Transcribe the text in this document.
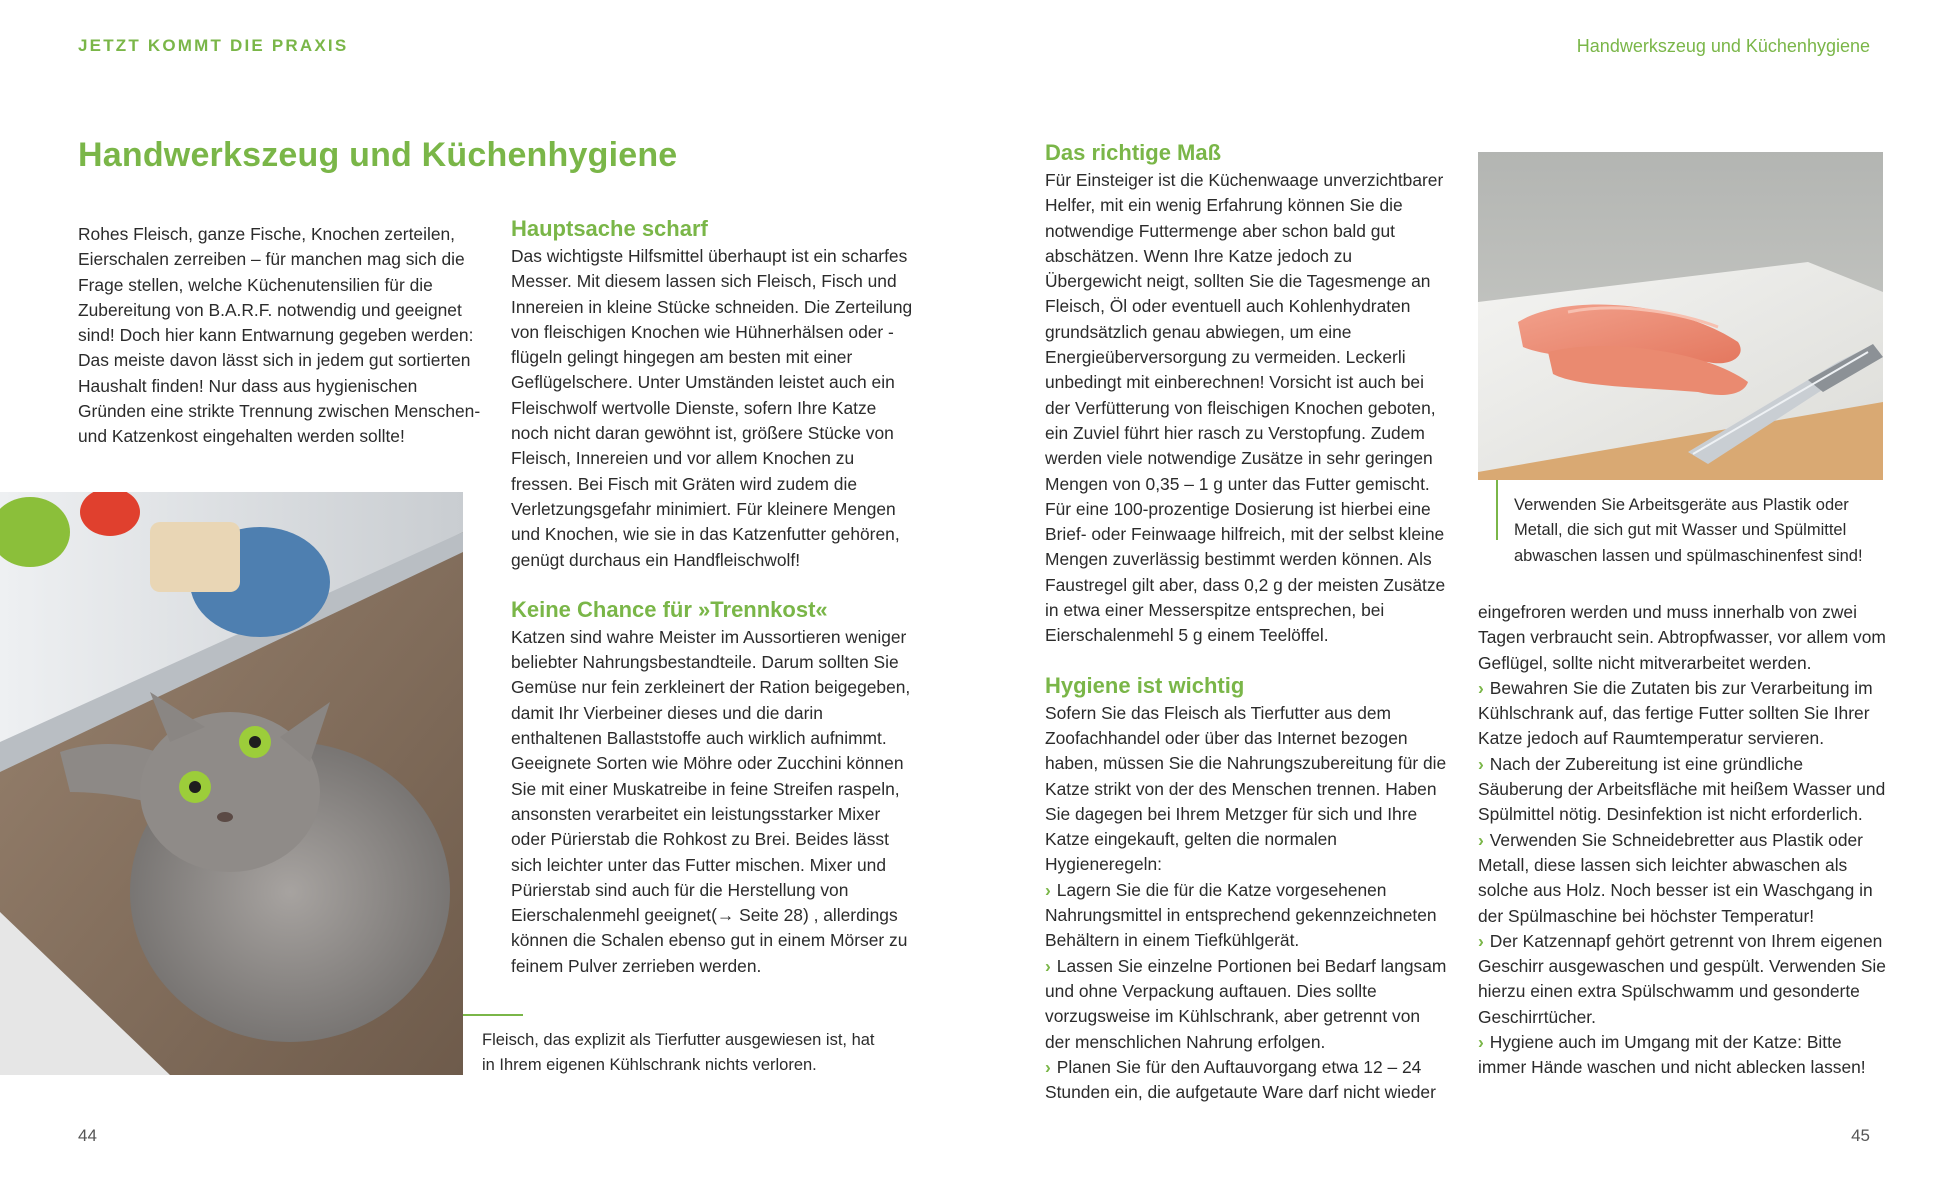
JETZT KOMMT DIE PRAXIS	Handwerkszeug und Küchenhygiene
Handwerkszeug und Küchenhygiene

Rohes Fleisch, ganze Fische, Knochen zerteilen, Eierschalen zerreiben – für manchen mag sich die Frage stellen, welche Küchenutensilien für die Zubereitung von B.A.R.F. notwendig und geeignet sind! Doch hier kann Entwarnung gegeben werden: Das meiste davon lässt sich in jedem gut sortierten Haushalt finden! Nur dass aus hygienischen Gründen eine strikte Trennung zwischen Menschen- und Katzenkost eingehalten werden sollte!

Fleisch, das explizit als Tierfutter ausgewiesen ist, hat in Ihrem eigenen Kühlschrank nichts verloren.
Hauptsache scharf

Das wichtigste Hilfsmittel überhaupt ist ein scharfes Messer. Mit diesem lassen sich Fleisch, Fisch und Innereien in kleine Stücke schneiden. Die Zerteilung von fleischigen Knochen wie Hühnerhälsen oder -flügeln gelingt hingegen am besten mit einer Geflügelschere. Unter Umständen leistet auch ein Fleischwolf wertvolle Dienste, sofern Ihre Katze noch nicht daran gewöhnt ist, größere Stücke von Fleisch, Innereien und vor allem Knochen zu fressen. Bei Fisch mit Gräten wird zudem die Verletzungsgefahr minimiert. Für kleinere Mengen und Knochen, wie sie in das Katzenfutter gehören, genügt durchaus ein Handfleischwolf!

Keine Chance für »Trennkost«

Katzen sind wahre Meister im Aussortieren weniger beliebter Nahrungsbestandteile. Darum sollten Sie Gemüse nur fein zerkleinert der Ration beigegeben, damit Ihr Vierbeiner dieses und die darin enthaltenen Ballaststoffe auch wirklich aufnimmt. Geeignete Sorten wie Möhre oder Zucchini können Sie mit einer Muskatreibe in feine Streifen raspeln, ansonsten verarbeitet ein leistungsstarker Mixer oder Pürierstab die Rohkost zu Brei. Beides lässt sich leichter unter das Futter mischen. Mixer und Pürierstab sind auch für die Herstellung von Eierschalenmehl geeignet(→ Seite 28) , allerdings können die Schalen ebenso gut in einem Mörser zu feinem Pulver zerrieben werden.

Das richtige Maß

Für Einsteiger ist die Küchenwaage unverzichtbarer Helfer, mit ein wenig Erfahrung können Sie die notwendige Futtermenge aber schon bald gut abschätzen. Wenn Ihre Katze jedoch zu Übergewicht neigt, sollten Sie die Tagesmenge an Fleisch, Öl oder eventuell auch Kohlenhydraten grundsätzlich genau abwiegen, um eine Energieüberversorgung zu vermeiden. Leckerli unbedingt mit einberechnen! Vorsicht ist auch bei der Verfütterung von fleischigen Knochen geboten, ein Zuviel führt hier rasch zu Verstopfung. Zudem werden viele notwendige Zusätze in sehr geringen Mengen von 0,35 – 1 g unter das Futter gemischt. Für eine 100-prozentige Dosierung ist hierbei eine Brief- oder Feinwaage hilfreich, mit der selbst kleine Mengen zuverlässig bestimmt werden können. Als Faustregel gilt aber, dass 0,2 g der meisten Zusätze in etwa einer Messerspitze entsprechen, bei Eierschalenmehl 5 g einem Teelöffel.

Hygiene ist wichtig

Sofern Sie das Fleisch als Tierfutter aus dem Zoofachhandel oder über das Internet bezogen haben, müssen Sie die Nahrungszubereitung für die Katze strikt von der des Menschen trennen. Haben Sie dagegen bei Ihrem Metzger für sich und Ihre Katze eingekauft, gelten die normalen Hygieneregeln:

› Lagern Sie die für die Katze vorgesehenen Nahrungsmittel in entsprechend gekennzeichneten Behältern in einem Tiefkühlgerät.

› Lassen Sie einzelne Portionen bei Bedarf langsam und ohne Verpackung auftauen. Dies sollte vorzugsweise im Kühlschrank, aber getrennt von der menschlichen Nahrung erfolgen.

› Planen Sie für den Auftauvorgang etwa 12 – 24 Stunden ein, die aufgetaute Ware darf nicht wieder

Verwenden Sie Arbeitsgeräte aus Plastik oder Metall, die sich gut mit Wasser und Spülmittel abwaschen lassen und spülmaschinenfest sind!

eingefroren werden und muss innerhalb von zwei Tagen verbraucht sein. Abtropfwasser, vor allem vom Geflügel, sollte nicht mitverarbeitet werden.

› Bewahren Sie die Zutaten bis zur Verarbeitung im Kühlschrank auf, das fertige Futter sollten Sie Ihrer Katze jedoch auf Raumtemperatur servieren.

› Nach der Zubereitung ist eine gründliche Säuberung der Arbeitsfläche mit heißem Wasser und Spülmittel nötig. Desinfektion ist nicht erforderlich.

› Verwenden Sie Schneidebretter aus Plastik oder Metall, diese lassen sich leichter abwaschen als solche aus Holz. Noch besser ist ein Waschgang in der Spülmaschine bei höchster Temperatur!

› Der Katzennapf gehört getrennt von Ihrem eigenen Geschirr ausgewaschen und gespült. Verwenden Sie hierzu einen extra Spülschwamm und gesonderte Geschirrtücher.

› Hygiene auch im Umgang mit der Katze: Bitte immer Hände waschen und nicht ablecken lassen!

44	45
